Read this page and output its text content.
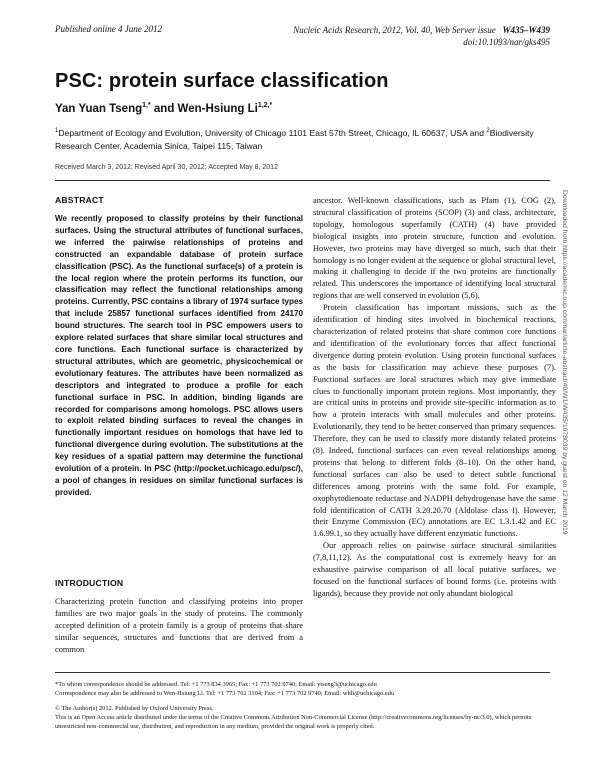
Published online 4 June 2012	Nucleic Acids Research, 2012, Vol. 40, Web Server issue W435–W439
doi:10.1093/nar/gks495
PSC: protein surface classification
Yan Yuan Tseng$^{1,*}$ and Wen-Hsiung $Li^{1,2,*}$
$^1$Department of Ecology and Evolution, University of Chicago 1101 East 57th Street, Chicago, IL 60637, USA and $^2$Biodiversity Research Center, Academia Sinica, Taipei 115, Taiwan
Received March 3, 2012; Revised April 30, 2012; Accepted May 8, 2012
ABSTRACT

We recently proposed to classify proteins by their functional surfaces. Using the structural attributes of functional surfaces, we inferred the pairwise relationships of proteins and constructed an expandable database of protein surface classification (PSC). As the functional surface(s) of a protein is the local region where the protein performs its function, our classification may reflect the functional relationships among proteins. Currently, PSC contains a library of 1974 surface types that include 25857 functional surfaces identified from 24170 bound structures. The search tool in PSC empowers users to explore related surfaces that share similar local structures and core functions. Each functional surface is characterized by structural attributes, which are geometric, physicochemical or evolutionary features. The attributes have been normalized as descriptors and integrated to produce a profile for each functional surface in PSC. In addition, binding ligands are recorded for comparisons among homologs. PSC allows users to exploit related binding surfaces to reveal the changes in functionally important residues on homologs that have led to functional divergence during evolution. The substitutions at the key residues of a spatial pattern may determine the functional evolution of a protein. In PSC (http://pocket.uchicago.edu/psc/), a pool of changes in residues on similar functional surfaces is provided.

INTRODUCTION

Characterizing protein function and classifying proteins into proper families are two major goals in the study of proteins. The commonly accepted definition of a protein family is a group of proteins that share similar sequences, structures and functions that are derived from a common

ancestor. Well-known classifications, such as Pfam (1), COG (2), structural classification of proteins (SCOP) (3) and class, architecture, topology, homologous superfamily (CATH) (4) have provided biological insights into protein structure, function and evolution. However, two proteins may have diverged so much, such that their homology is no longer evident at the sequence or global structural level, making it challenging to decide if the two proteins are functionally related. This underscores the importance of identifying local structural regions that are well conserved in evolution (5,6).

Protein classification has important missions, such as the identification of binding sites involved in biochemical reactions, characterization of related proteins that share common core functions and identification of the evolutionary forces that affect functional divergence during protein evolution. Using protein functional surfaces as the basis for classification may achieve these purposes (7). Functional surfaces are local structures which may give immediate clues to functionally important protein regions. Most importantly, they are critical units in proteins and provide site-specific information as to how a protein interacts with small molecules and other proteins. Evolutionarily, they tend to be better conserved than primary sequences. Therefore, they can be used to classify more distantly related proteins (8). Indeed, functional surfaces can even reveal relationships among proteins that belong to different folds (8–10). On the other hand, functional surfaces can also be used to detect subtle functional differences among proteins with the same fold. For example, oxophytodienoate reductase and NADPH dehydrogenase have the same fold identification of CATH 3.20.20.70 (Aldolase class I). However, their Enzyme Commission (EC) annotations are EC 1.3.1.42 and EC 1.6.99.1, so they actually have different enzymatic functions.

Our approach relies on pairwise surface structural similarities (7,8,11,12). As the computational cost is extremely heavy for an exhaustive pairwise comparison of all local putative surfaces, we focused on the functional surfaces of bound forms (i.e. proteins with ligands), because they provide not only abundant biological

*To whom correspondence should be addressed. Tel: +1 773 834 3965; Fax: +1 773 702 9740; Email: ytseng3@uchicago.edu

Correspondence may also be addressed to Wen-Hsiung Li. Tel: +1 773 702 3104; Fax: +1 773 702 9740; Email: whli@uchicago.edu

© The Author(s) 2012. Published by Oxford University Press.

This is an Open Access article distributed under the terms of the Creative Commons Attribution Non-Commercial License (http://creativecommons.org/licenses/by-nc/3.0), which permits unrestricted non-commercial use, distribution, and reproduction in any medium, provided the original work is properly cited.

Downloaded from https://academic.oup.com/nar/article-abstract/40/W1/W435/1078039 by guest on 12 March 2019
